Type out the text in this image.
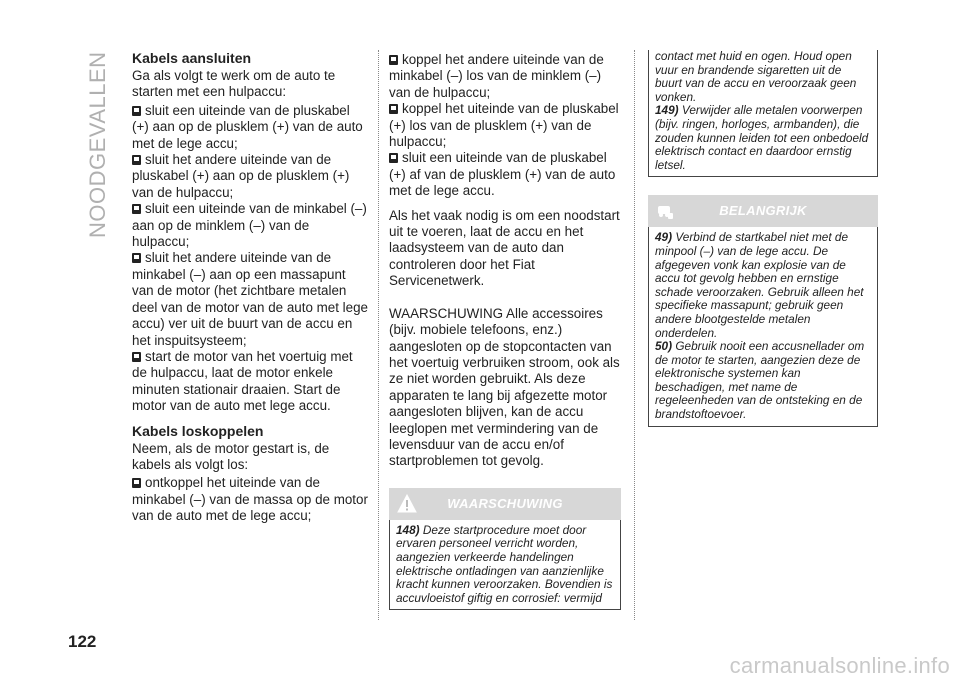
NOODGEVALLEN
122
Kabels aansluiten

Ga als volgt te werk om de auto te starten met een hulpaccu:

sluit een uiteinde van de pluskabel (+) aan op de plusklem (+) van de auto met de lege accu;

sluit het andere uiteinde van de pluskabel (+) aan op de plusklem (+) van de hulpaccu;

sluit een uiteinde van de minkabel (–) aan op de minklem (–) van de hulpaccu;

sluit het andere uiteinde van de minkabel (–) aan op een massapunt van de motor (het zichtbare metalen deel van de motor van de auto met lege accu) ver uit de buurt van de accu en het inspuitsysteem;

start de motor van het voertuig met de hulpaccu, laat de motor enkele minuten stationair draaien. Start de motor van de auto met lege accu.

Kabels loskoppelen

Neem, als de motor gestart is, de kabels als volgt los:

ontkoppel het uiteinde van de minkabel (–) van de massa op de motor van de auto met de lege accu;

koppel het andere uiteinde van de minkabel (–) los van de minklem (–) van de hulpaccu;

koppel het uiteinde van de pluskabel (+) los van de plusklem (+) van de hulpaccu;

sluit een uiteinde van de pluskabel (+) af van de plusklem (+) van de auto met de lege accu.

Als het vaak nodig is om een noodstart uit te voeren, laat de accu en het laadsysteem van de auto dan controleren door het Fiat Servicenetwerk.

WAARSCHUWING Alle accessoires (bijv. mobiele telefoons, enz.) aangesloten op de stopcontacten van het voertuig verbruiken stroom, ook als ze niet worden gebruikt. Als deze apparaten te lang bij afgezette motor aangesloten blijven, kan de accu leeglopen met vermindering van de levensduur van de accu en/of startproblemen tot gevolg.

WAARSCHUWING
148) Deze startprocedure moet door ervaren personeel verricht worden, aangezien verkeerde handelingen elektrische ontladingen van aanzienlijke kracht kunnen veroorzaken. Bovendien is accuvloeistof giftig en corrosief: vermijd
contact met huid en ogen. Houd open vuur en brandende sigaretten uit de buurt van de accu en veroorzaak geen vonken.
149) Verwijder alle metalen voorwerpen (bijv. ringen, horloges, armbanden), die zouden kunnen leiden tot een onbedoeld elektrisch contact en daardoor ernstig letsel.
BELANGRIJK
49) Verbind de startkabel niet met de minpool (–) van de lege accu. De afgegeven vonk kan explosie van de accu tot gevolg hebben en ernstige schade veroorzaken. Gebruik alleen het specifieke massapunt; gebruik geen andere blootgestelde metalen onderdelen.
50) Gebruik nooit een accusnellader om de motor te starten, aangezien deze de elektronische systemen kan beschadigen, met name de regeleenheden van de ontsteking en de brandstoftoevoer.
carmanualsonline.info
